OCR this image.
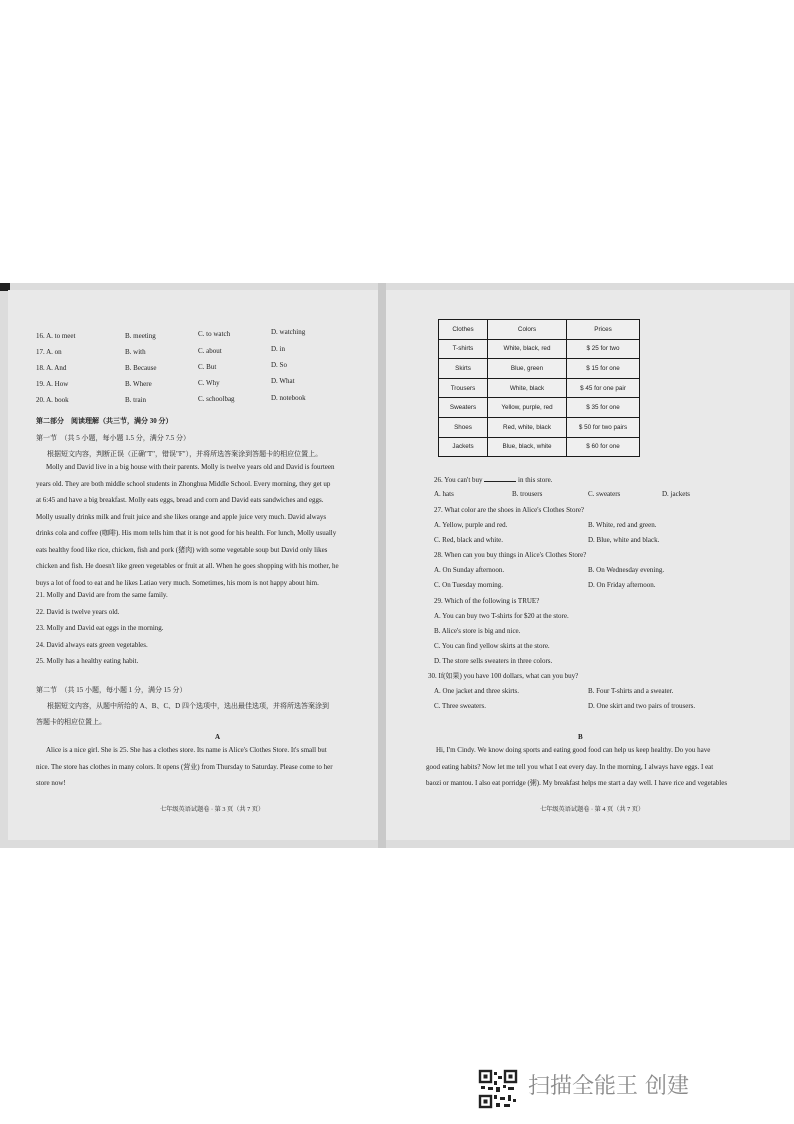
16. A. to meet	B. meeting	C. to watch	D. watching
17. A. on	B. with	C. about	D. in
18. A. And	B. Because	C. But	D. So
19. A. How	B. Where	C. Why	D. What
20. A. book	B. train	C. schoolbag	D. notebook
第二部分　阅读理解（共三节，满分 30 分）
第一节　（共 5 小题，每小题 1.5 分，满分 7.5 分）
根据短文内容，判断正误（正确"T"，错误"F"），并将所选答案涂到答题卡的相应位置上。
Molly and David live in a big house with their parents. Molly is twelve years old and David is fourteen
years old. They are both middle school students in Zhonghua Middle School. Every morning, they get up
at 6:45 and have a big breakfast. Molly eats eggs, bread and corn and David eats sandwiches and eggs.
Molly usually drinks milk and fruit juice and she likes orange and apple juice very much. David always
drinks cola and coffee (咖啡). His mom tells him that it is not good for his health. For lunch, Molly usually
eats healthy food like rice, chicken, fish and pork (猪肉) with some vegetable soup but David only likes
chicken and fish. He doesn't like green vegetables or fruit at all. When he goes shopping with his mother, he
buys a lot of food to eat and he likes Latiao very much. Sometimes, his mom is not happy about him.
21. Molly and David are from the same family.
22. David is twelve years old.
23. Molly and David eat eggs in the morning.
24. David always eats green vegetables.
25. Molly has a healthy eating habit.
第二节　（共 15 小题，每小题 1 分，满分 15 分）
根据短文内容，从题中所给的 A、B、C、D 四个选项中，选出最佳选项，并将所选答案涂到
答题卡的相应位置上。
A
Alice is a nice girl. She is 25. She has a clothes store. Its name is Alice's Clothes Store. It's small but
nice. The store has clothes in many colors. It opens (营业) from Thursday to Saturday. Please come to her
store now!
七年级英语试题卷 · 第 3 页（共 7 页）
Clothes	Colors	Prices
T-shirts	White, black, red	$ 25 for two
Skirts	Blue, green	$ 15 for one
Trousers	White, black	$ 45 for one pair
Sweaters	Yellow, purple, red	$ 35 for one
Shoes	Red, white, black	$ 50 for two pairs
Jackets	Blue, black, white	$ 60 for one
26. You can't buy	in this store.
A. hats	B. trousers	C. sweaters	D. jackets
27. What color are the shoes in Alice's Clothes Store?
A. Yellow, purple and red.	B. White, red and green.
C. Red, black and white.	D. Blue, white and black.
28. When can you buy things in Alice's Clothes Store?
A. On Sunday afternoon.	B. On Wednesday evening.
C. On Tuesday morning.	D. On Friday afternoon.
29. Which of the following is TRUE?
A. You can buy two T-shirts for $20 at the store.
B. Alice's store is big and nice.
C. You can find yellow skirts at the store.
D. The store sells sweaters in three colors.
30. If(如果) you have 100 dollars, what can you buy?
A. One jacket and three skirts.	B. Four T-shirts and a sweater.
C. Three sweaters.	D. One skirt and two pairs of trousers.
B
Hi, I'm Cindy. We know doing sports and eating good food can help us keep healthy. Do you have
good eating habits? Now let me tell you what I eat every day. In the morning, I always have eggs. I eat
baozi or mantou. I also eat porridge (粥). My breakfast helps me start a day well. I have rice and vegetables
七年级英语试题卷 · 第 4 页（共 7 页）
扫描全能王 创建
